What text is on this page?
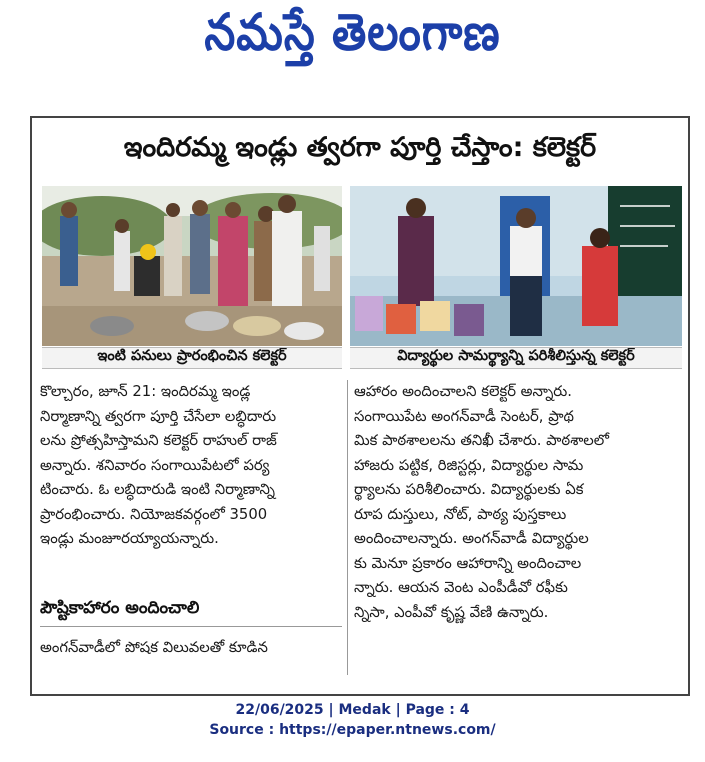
నమస్తే తెలంగాణ
ఇందిరమ్మ ఇండ్లు త్వరగా పూర్తి చేస్తాం: కలెక్టర్
ఇంటి పనులు ప్రారంభించిన కలెక్టర్	విద్యార్థుల సామర్థ్యాన్ని పరిశీలిస్తున్న కలెక్టర్
కొల్చారం, జూన్ 21: ఇందిరమ్మ ఇండ్ల
నిర్మాణాన్ని త్వరగా పూర్తి చేసేలా లబ్ధిదారు
లను ప్రోత్సహిస్తామని కలెక్టర్ రాహుల్ రాజ్
అన్నారు. శనివారం సంగాయిపేటలో పర్య
టించారు. ఓ లబ్ధిదారుడి ఇంటి నిర్మాణాన్ని
ప్రారంభించారు. నియోజకవర్గంలో 3500
ఇండ్లు మంజూరయ్యాయన్నారు.
పౌష్టికాహారం అందించాలి
అంగన్‌వాడీలో పోషక విలువలతో కూడిన
ఆహారం అందించాలని కలెక్టర్ అన్నారు.
సంగాయిపేట అంగన్‌వాడీ సెంటర్, ప్రాథ
మిక పాఠశాలలను తనిఖీ చేశారు. పాఠశాలలో
హాజరు పట్టిక, రిజిస్టర్లు, విద్యార్థుల సామ
ర్థ్యాలను పరిశీలించారు. విద్యార్థులకు ఏక
రూప దుస్తులు, నోట్, పాఠ్య పుస్తకాలు
అందించాలన్నారు. అంగన్‌వాడీ విద్యార్థుల
కు మెనూ ప్రకారం ఆహారాన్ని అందించాల
న్నారు. ఆయన వెంట ఎంపీడీవో రఫీకు
న్నిసా, ఎంపీవో కృష్ణ వేణి ఉన్నారు.
22/06/2025 | Medak | Page : 4
Source : https://epaper.ntnews.com/
